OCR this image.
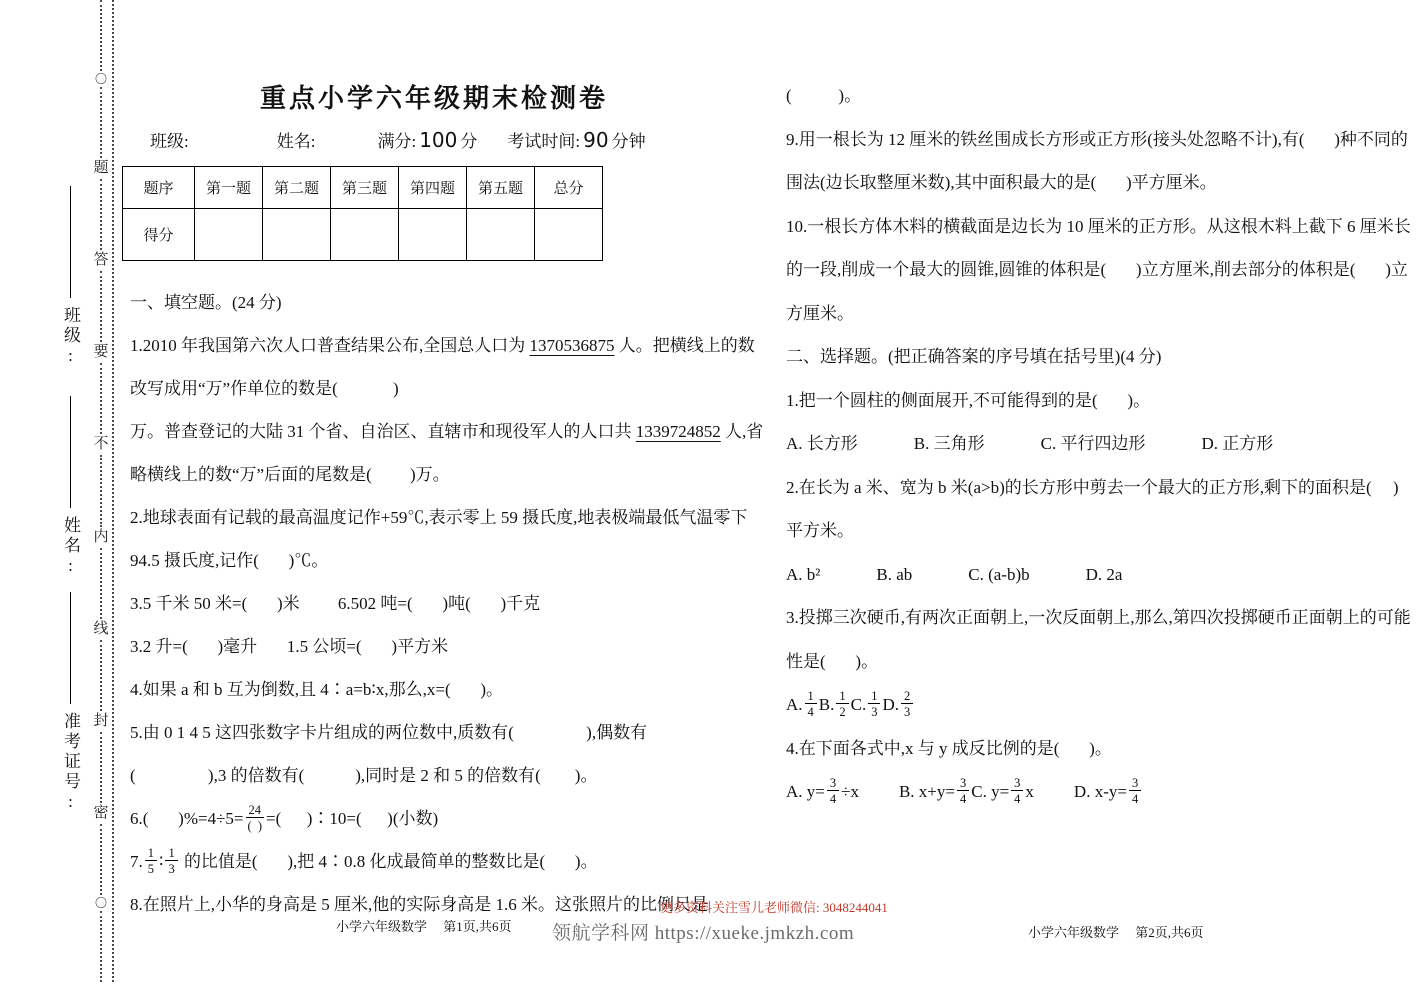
〇
题
答
要
不
内
线
封
密
〇
班级:
姓名:
准考证号:
重点小学六年级期末检测卷
班级:	姓名:	满分: 100 分 考试时间: 90 分钟
题序	第一题	第二题	第三题	第四题	第五题	总分
得分						

一、填空题。(24 分)

1.2010 年我国第六次人口普查结果公布,全国总人口为 1370536875 人。把横线上的数

改写成用“万”作单位的数是(             )

万。普查登记的大陆 31 个省、自治区、直辖市和现役军人的人口共 1339724852 人,省

略横线上的数“万”后面的尾数是(         )万。

2.地球表面有记载的最高温度记作+59℃,表示零上 59 摄氏度,地表极端最低气温零下

94.5 摄氏度,记作(       )℃。

3.5 千米 50 米=(       )米         6.502 吨=(       )吨(       )千克

3.2 升=(       )毫升       1.5 公顷=(       )平方米

4.如果 a 和 b 互为倒数,且 4∶a=b∶x,那么,x=(       )。

5.由 0 1 4 5 这四张数字卡片组成的两位数中,质数有(                 ),偶数有

(                 ),3 的倍数有(            ),同时是 2 和 5 的倍数有(        )。

6.(       )$\%=4\div 5= \frac{24}{( )}$ =(      )∶10=(      )(小数)

7. $\frac{1}{5}$ ∶ $\frac{1}{3}$ 的比值是(       ),把 4∶0.8 化成最简单的整数比是(       )。

8.在照片上,小华的身高是 5 厘米,他的实际身高是 1.6 米。这张照片的比例尺是

(           )。

9.用一根长为 12 厘米的铁丝围成长方形或正方形(接头处忽略不计),有(       )种不同的

围法(边长取整厘米数),其中面积最大的是(       )平方厘米。

10.一根长方体木料的横截面是边长为 10 厘米的正方形。从这根木料上截下 6 厘米长

的一段,削成一个最大的圆锥,圆锥的体积是(       )立方厘米,削去部分的体积是(       )立

方厘米。

二、选择题。(把正确答案的序号填在括号里)(4 分)

1.把一个圆柱的侧面展开,不可能得到的是(       )。

A. 长方形	B. 三角形	C. 平行四边形	D. 正方形

2.在长为 a 米、宽为 b 米(a>b)的长方形中剪去一个最大的正方形,剩下的面积是(     )

平方米。

A. b²	B. ab	C. (a-b)b	D. 2a

3.投掷三次硬币,有两次正面朝上,一次反面朝上,那么,第四次投掷硬币正面朝上的可能

性是(       )。

A. $\frac{1}{4} B$. $\frac{1}{2} C$. $\frac{1}{3} D$. $\frac{2}{3}$

4.在下面各式中,x 与 y 成反比例的是(       )。

A. $y= \frac{3}{4} \div x$ B. $x+y= \frac{3}{4} C$. $y= \frac{3}{4}$ x D. $x-y= \frac{3}{4}$

小学六年级数学　 第1页,共6页	小学六年级数学　 第2页,共6页
更多资料关注雪儿老师微信: 3048244041
领航学科网 https://xueke.jmkzh.com
